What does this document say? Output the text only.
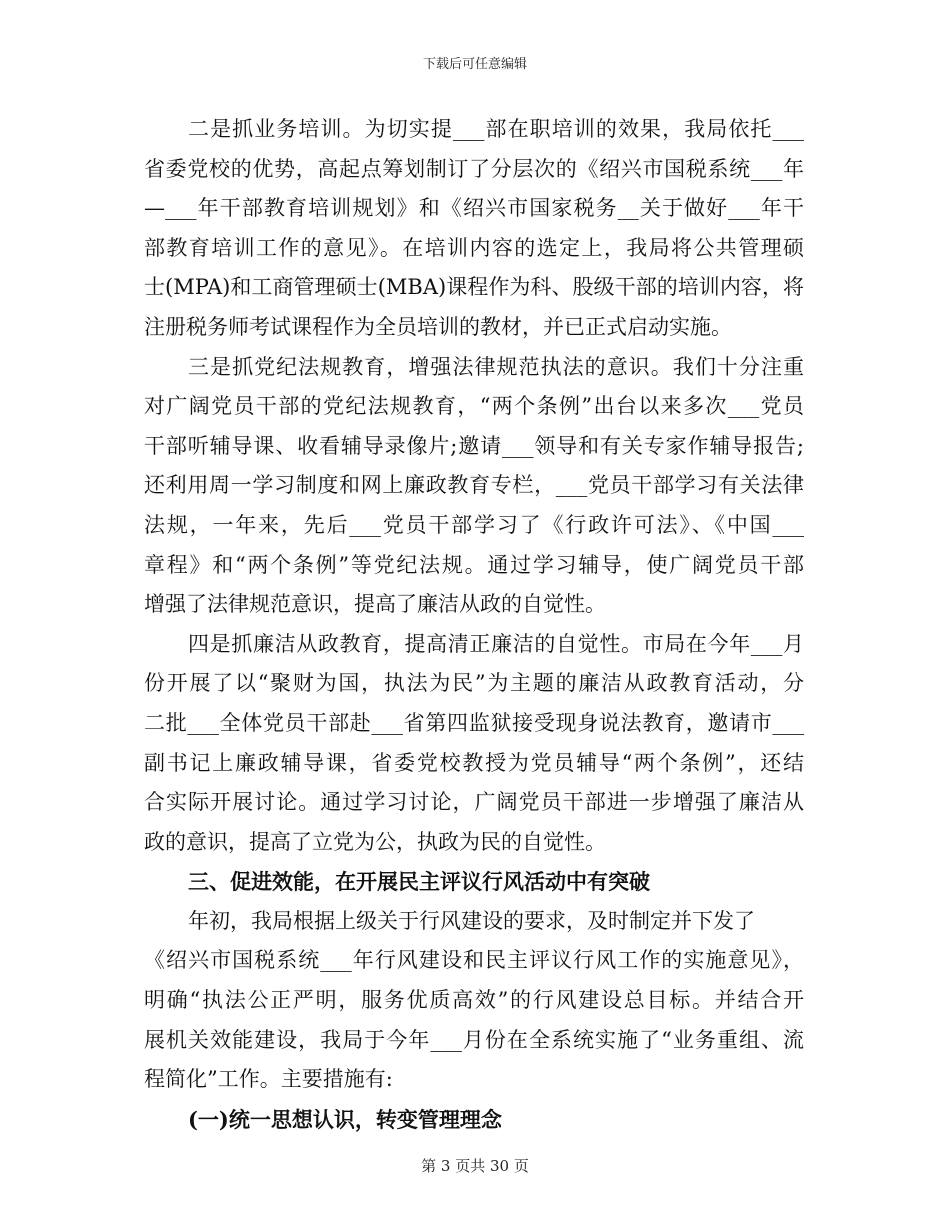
下载后可任意编辑
二是抓业务培训。为切实提___部在职培训的效果，我局依托___
省委党校的优势，高起点筹划制订了分层次的《绍兴市国税系统___年
—___年干部教育培训规划》和《绍兴市国家税务__关于做好___年干
部教育培训工作的意见》。在培训内容的选定上，我局将公共管理硕
士(MPA)和工商管理硕士(MBA)课程作为科、股级干部的培训内容，将
注册税务师考试课程作为全员培训的教材，并已正式启动实施。
三是抓党纪法规教育，增强法律规范执法的意识。我们十分注重
对广阔党员干部的党纪法规教育，“两个条例”出台以来多次___党员
干部听辅导课、收看辅导录像片;邀请___领导和有关专家作辅导报告;
还利用周一学习制度和网上廉政教育专栏，___党员干部学习有关法律
法规，一年来，先后___党员干部学习了《行政许可法》、《中国___
章程》和“两个条例”等党纪法规。通过学习辅导，使广阔党员干部
增强了法律规范意识，提高了廉洁从政的自觉性。
四是抓廉洁从政教育，提高清正廉洁的自觉性。市局在今年___月
份开展了以“聚财为国，执法为民”为主题的廉洁从政教育活动，分
二批___全体党员干部赴___省第四监狱接受现身说法教育，邀请市___
副书记上廉政辅导课，省委党校教授为党员辅导“两个条例”，还结
合实际开展讨论。通过学习讨论，广阔党员干部进一步增强了廉洁从
政的意识，提高了立党为公，执政为民的自觉性。
三、促进效能，在开展民主评议行风活动中有突破
年初，我局根据上级关于行风建设的要求，及时制定并下发了
《绍兴市国税系统___年行风建设和民主评议行风工作的实施意见》，
明确“执法公正严明，服务优质高效”的行风建设总目标。并结合开
展机关效能建设，我局于今年___月份在全系统实施了“业务重组、流
程简化”工作。主要措施有:
(一)统一思想认识，转变管理理念
第 3 页共 30 页
